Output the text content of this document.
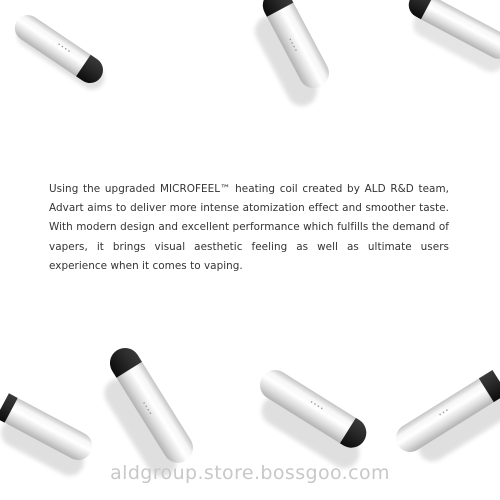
Using the upgraded MICROFEEL™ heating coil created by ALD R&D team, Advart aims to deliver more intense atomization effect and smoother taste. With modern design and excellent performance which fulfills the demand of vapers, it brings visual aesthetic feeling as well as ultimate users experience when it comes to vaping.

aldgroup.store.bossgoo.com
